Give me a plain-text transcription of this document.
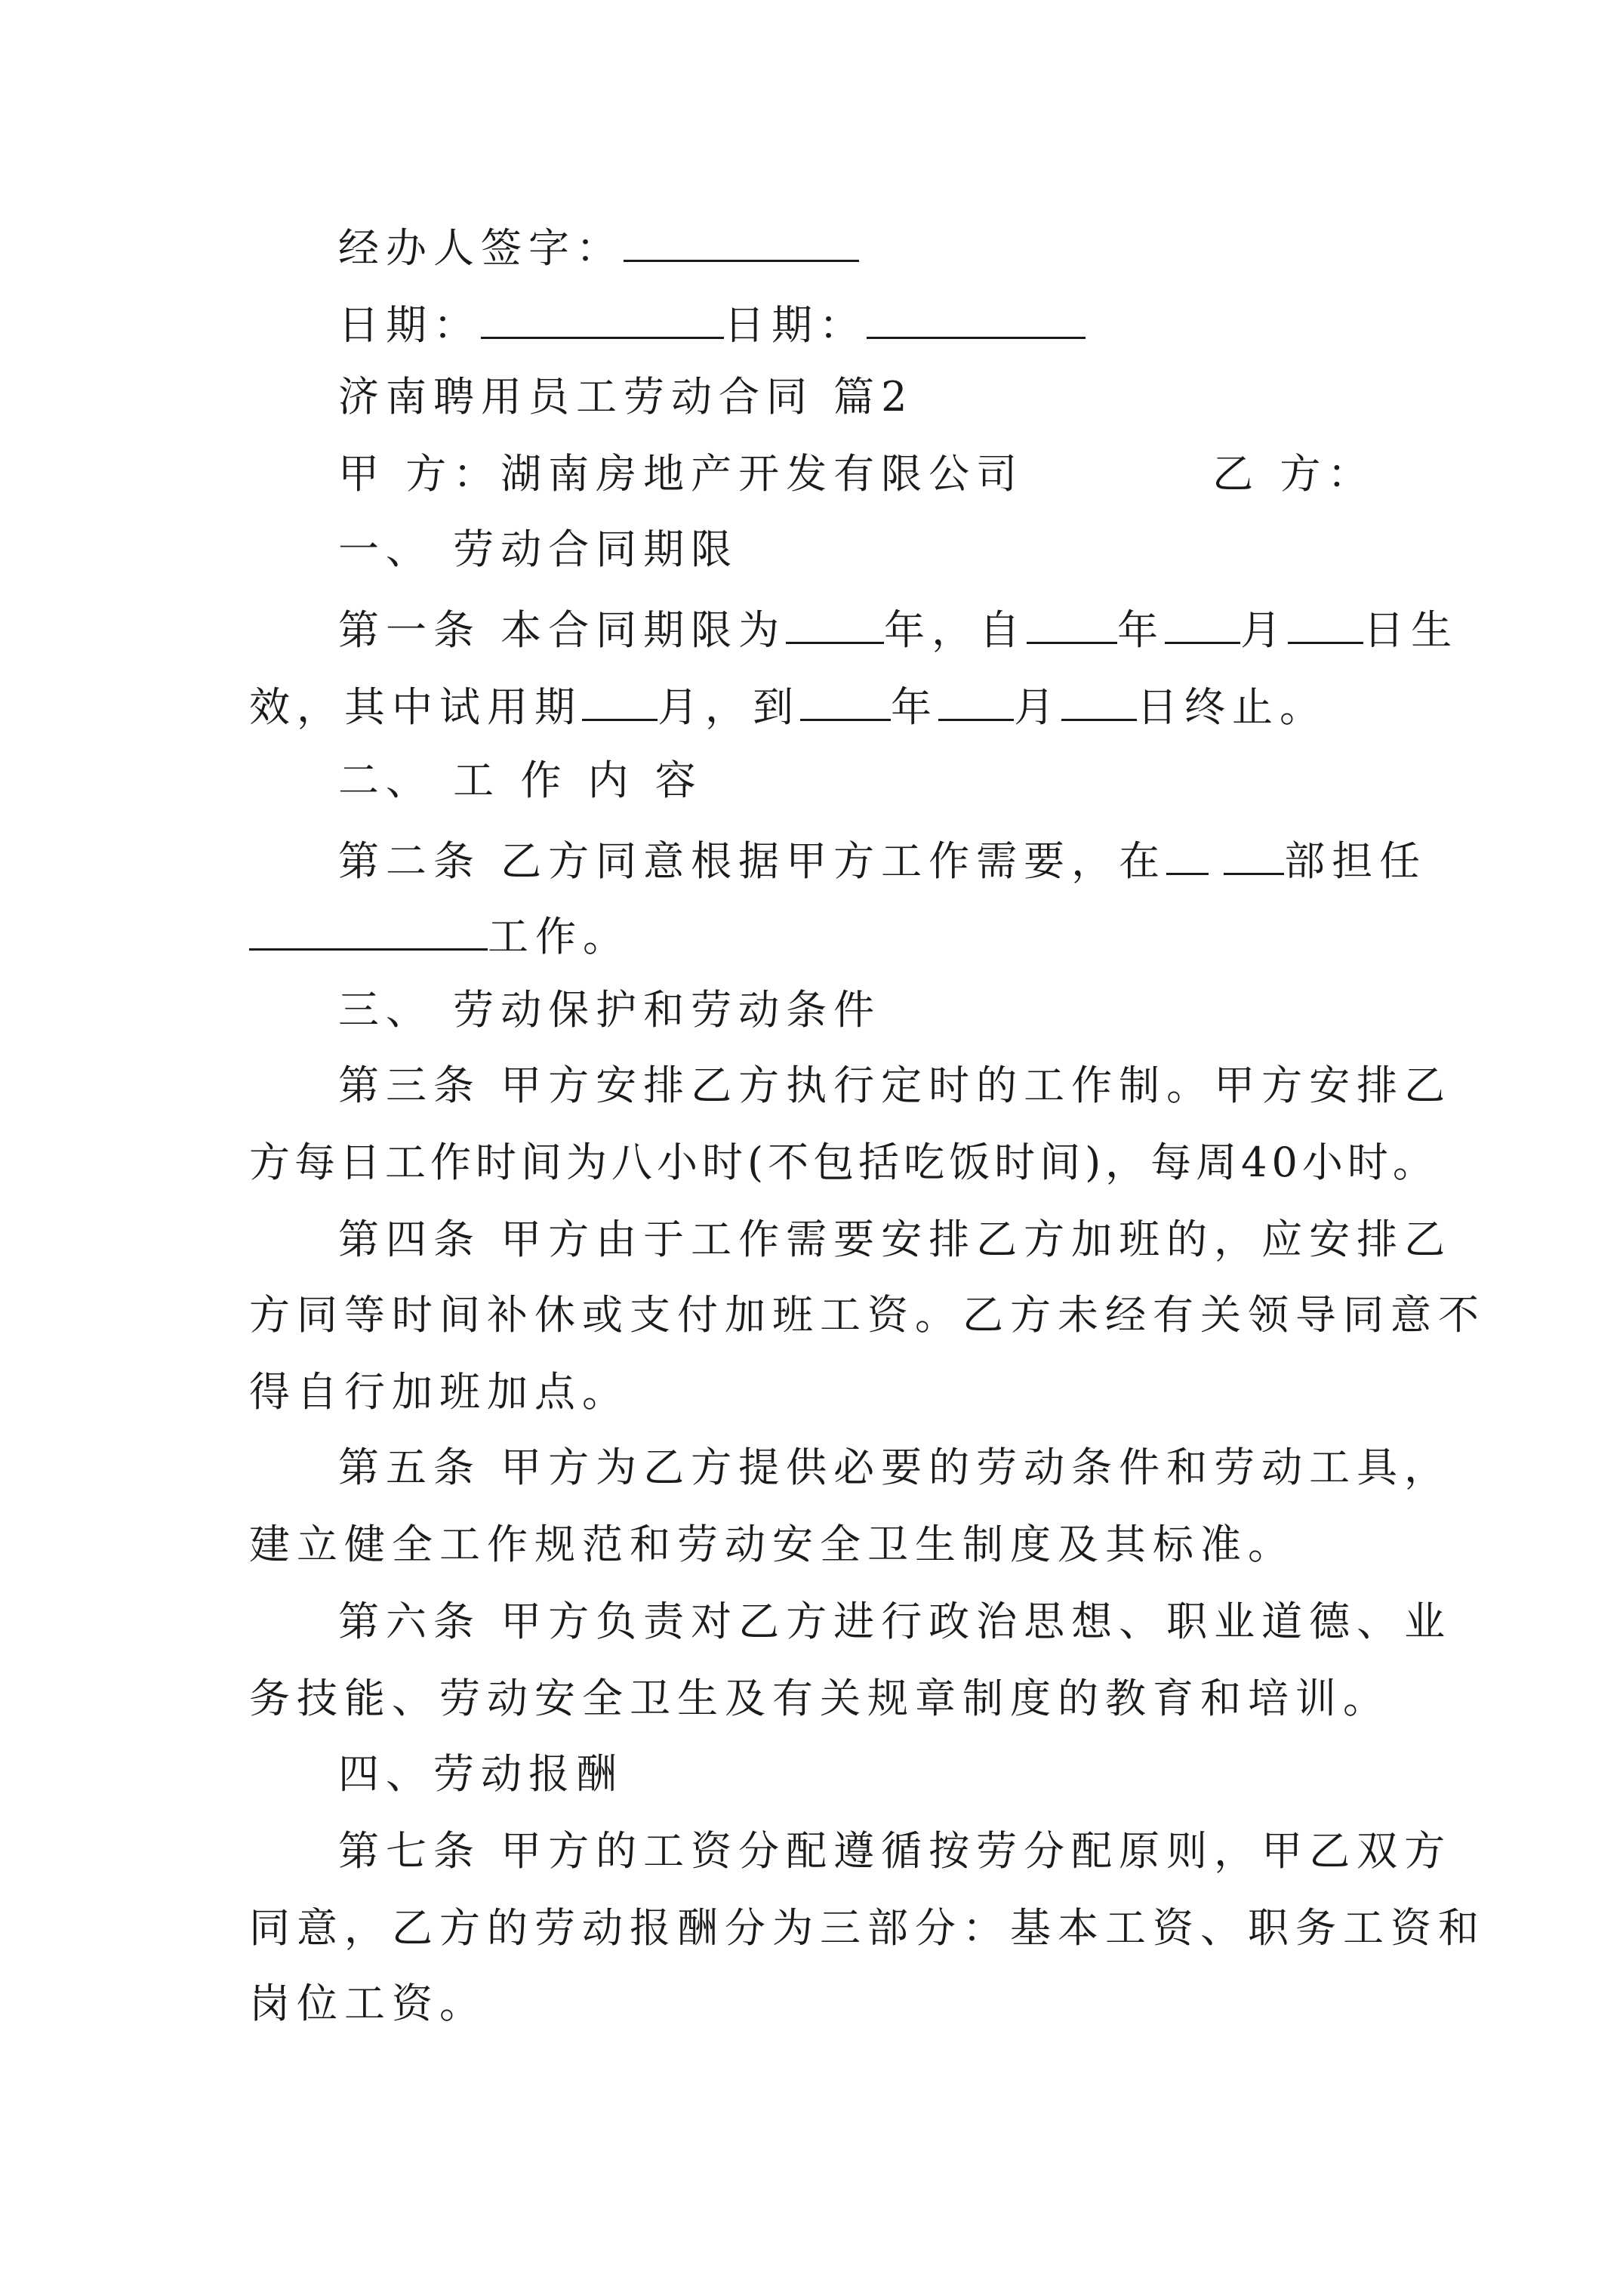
经办人签字：
日期：	日期：
济南聘用员工劳动合同 篇2
甲 方：湖南房地产开发有限公司	乙 方：
一、 劳动合同期限
第一条 本合同期限为 年，自 年 月 日生
效，其中试用期 月，到 年 月 日终止。
二、 工 作 内 容
第二条 乙方同意根据甲方工作需要，在	部担任
工作。
三、 劳动保护和劳动条件
第三条 甲方安排乙方执行定时的工作制。甲方安排乙
方每日工作时间为八小时(不包括吃饭时间)，每周40小时。
第四条 甲方由于工作需要安排乙方加班的，应安排乙
方同等时间补休或支付加班工资。乙方未经有关领导同意不
得自行加班加点。
第五条 甲方为乙方提供必要的劳动条件和劳动工具，
建立健全工作规范和劳动安全卫生制度及其标准。
第六条 甲方负责对乙方进行政治思想、职业道德、业
务技能、劳动安全卫生及有关规章制度的教育和培训。
四、劳动报酬
第七条 甲方的工资分配遵循按劳分配原则，甲乙双方
同意，乙方的劳动报酬分为三部分：基本工资、职务工资和
岗位工资。
